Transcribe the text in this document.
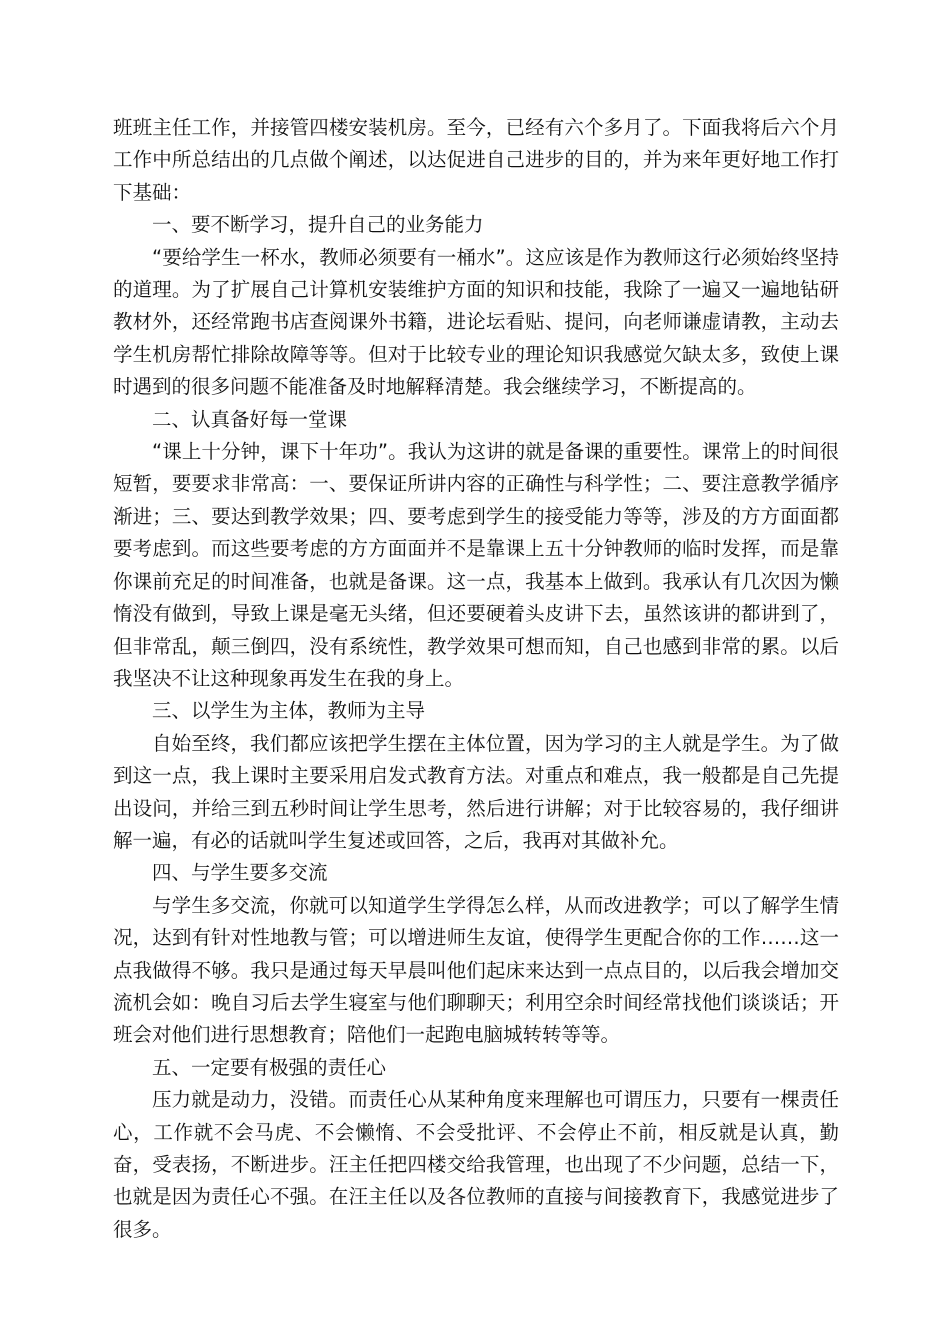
班班主任工作，并接管四楼安装机房。至今，已经有六个多月了。下面我将后六个月工作中所总结出的几点做个阐述，以达促进自己进步的目的，并为来年更好地工作打下基础：

一、要不断学习，提升自己的业务能力

“要给学生一杯水，教师必须要有一桶水”。这应该是作为教师这行必须始终坚持的道理。为了扩展自己计算机安装维护方面的知识和技能，我除了一遍又一遍地钻研教材外，还经常跑书店查阅课外书籍，进论坛看贴、提问，向老师谦虚请教，主动去学生机房帮忙排除故障等等。但对于比较专业的理论知识我感觉欠缺太多，致使上课时遇到的很多问题不能准备及时地解释清楚。我会继续学习，不断提高的。

二、认真备好每一堂课

“课上十分钟，课下十年功”。我认为这讲的就是备课的重要性。课常上的时间很短暂，要要求非常高：一、要保证所讲内容的正确性与科学性；二、要注意教学循序渐进；三、要达到教学效果；四、要考虑到学生的接受能力等等，涉及的方方面面都要考虑到。而这些要考虑的方方面面并不是靠课上五十分钟教师的临时发挥，而是靠你课前充足的时间准备，也就是备课。这一点，我基本上做到。我承认有几次因为懒惰没有做到，导致上课是毫无头绪，但还要硬着头皮讲下去，虽然该讲的都讲到了，但非常乱，颠三倒四，没有系统性，教学效果可想而知，自己也感到非常的累。以后我坚决不让这种现象再发生在我的身上。

三、以学生为主体，教师为主导

自始至终，我们都应该把学生摆在主体位置，因为学习的主人就是学生。为了做到这一点，我上课时主要采用启发式教育方法。对重点和难点，我一般都是自己先提出设问，并给三到五秒时间让学生思考，然后进行讲解；对于比较容易的，我仔细讲解一遍，有必的话就叫学生复述或回答，之后，我再对其做补允。

四、与学生要多交流

与学生多交流，你就可以知道学生学得怎么样，从而改进教学；可以了解学生情况，达到有针对性地教与管；可以增进师生友谊，使得学生更配合你的工作……这一点我做得不够。我只是通过每天早晨叫他们起床来达到一点点目的，以后我会增加交流机会如：晚自习后去学生寝室与他们聊聊天；利用空余时间经常找他们谈谈话；开班会对他们进行思想教育；陪他们一起跑电脑城转转等等。

五、一定要有极强的责任心

压力就是动力，没错。而责任心从某种角度来理解也可谓压力，只要有一棵责任心，工作就不会马虎、不会懒惰、不会受批评、不会停止不前，相反就是认真，勤奋，受表扬，不断进步。汪主任把四楼交给我管理，也出现了不少问题，总结一下，也就是因为责任心不强。在汪主任以及各位教师的直接与间接教育下，我感觉进步了很多。
